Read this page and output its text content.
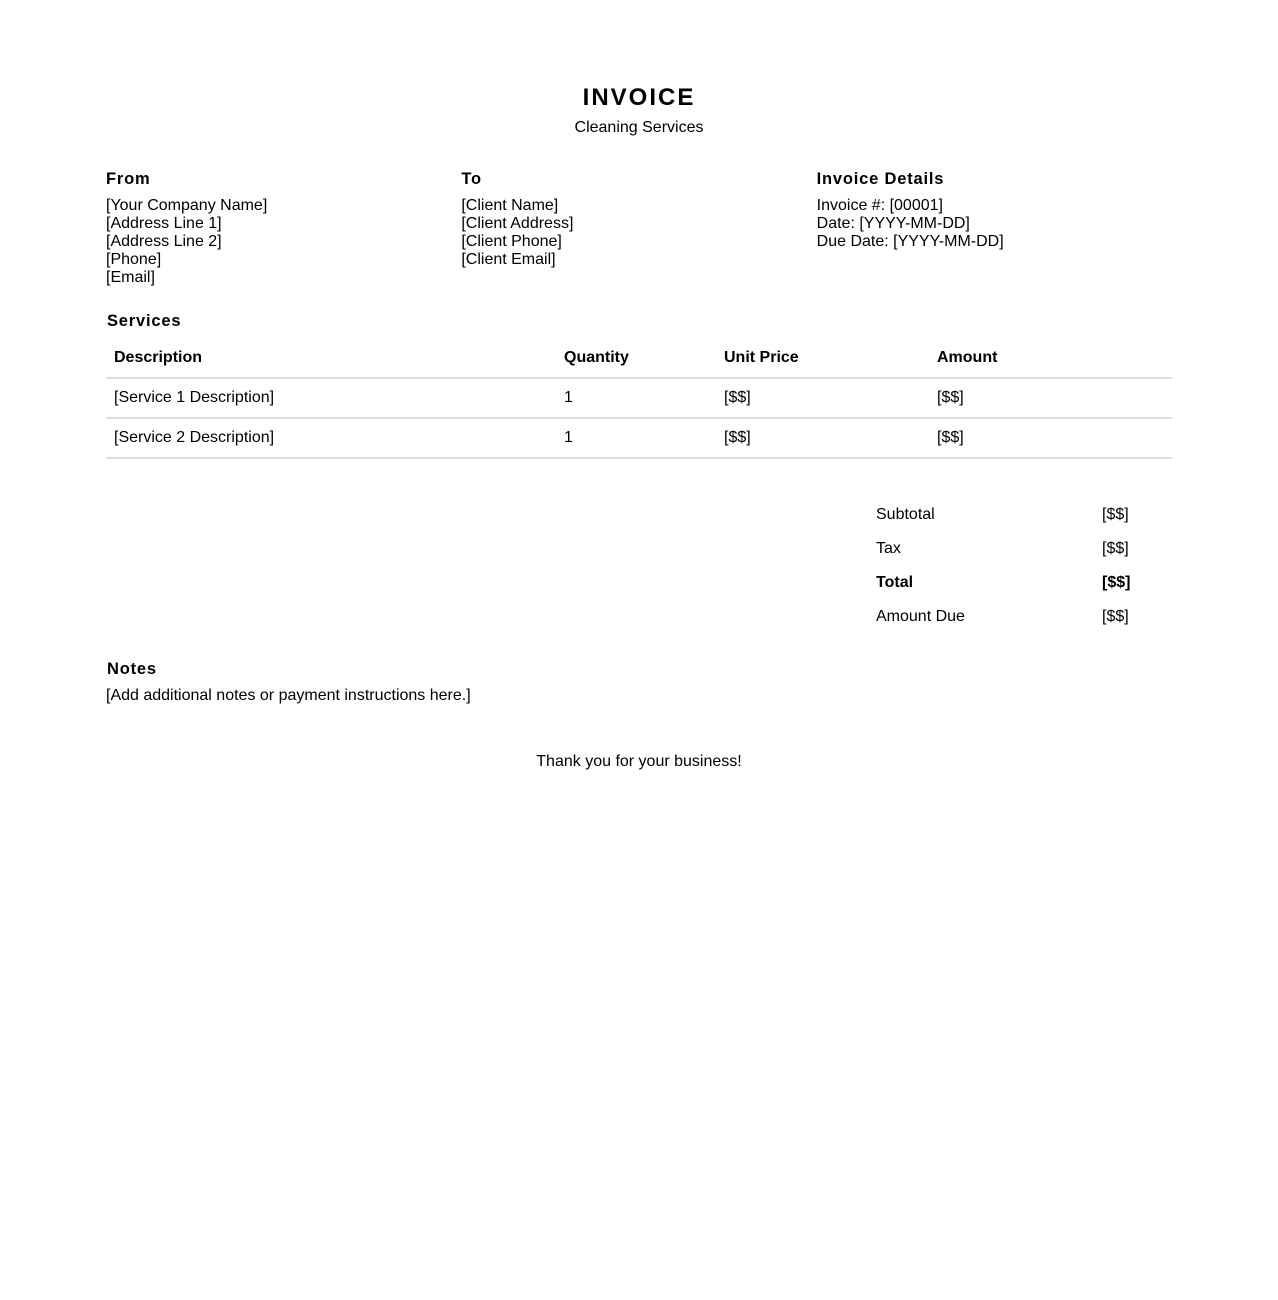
INVOICE
Cleaning Services
From
[Your Company Name]
[Address Line 1]
[Address Line 2]
[Phone]
[Email]
To
[Client Name]
[Client Address]
[Client Phone]
[Client Email]
Invoice Details
Invoice #: [00001]
Date: [YYYY-MM-DD]
Due Date: [YYYY-MM-DD]
Services
Description	Quantity	Unit Price	Amount
[Service 1 Description]	1	[$$]	[$$]
[Service 2 Description]	1	[$$]	[$$]
Subtotal	[$$]
Tax	[$$]
Total	[$$]
Amount Due	[$$]
Notes
[Add additional notes or payment instructions here.]
Thank you for your business!
